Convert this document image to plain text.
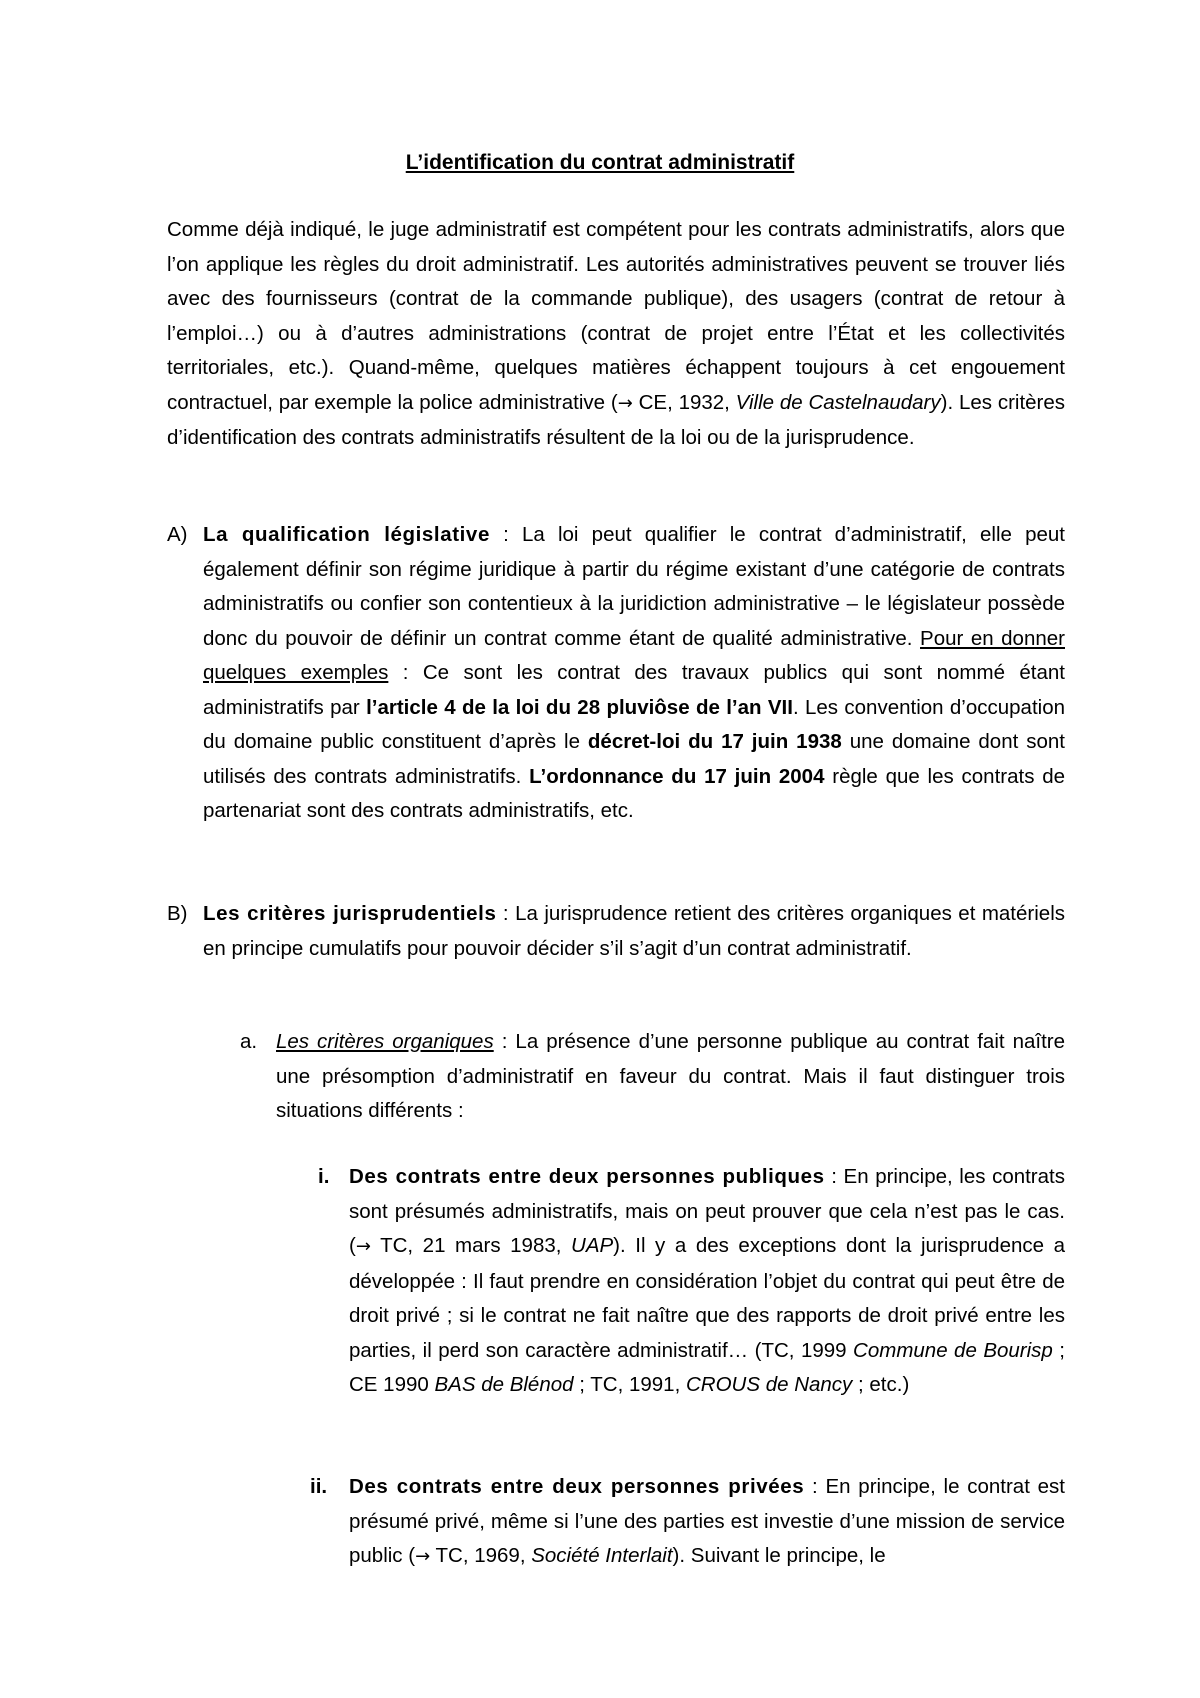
L’identification du contrat administratif

Comme déjà indiqué, le juge administratif est compétent pour les contrats administratifs, alors que l’on applique les règles du droit administratif. Les autorités administratives peuvent se trouver liés avec des fournisseurs (contrat de la commande publique), des usagers (contrat de retour à l’emploi…) ou à d’autres administrations (contrat de projet entre l’État et les collectivités territoriales, etc.). Quand-même, quelques matières échappent toujours à cet engouement contractuel, par exemple la police administrative (→ CE, 1932, Ville de Castelnaudary). Les critères d’identification des contrats administratifs résultent de la loi ou de la jurisprudence.

A) La qualification législative : La loi peut qualifier le contrat d’administratif, elle peut également définir son régime juridique à partir du régime existant d’une catégorie de contrats administratifs ou confier son contentieux à la juridiction administrative – le législateur possède donc du pouvoir de définir un contrat comme étant de qualité administrative. Pour en donner quelques exemples : Ce sont les contrat des travaux publics qui sont nommé étant administratifs par l’article 4 de la loi du 28 pluviôse de l’an VII. Les convention d’occupation du domaine public constituent d’après le décret-loi du 17 juin 1938 une domaine dont sont utilisés des contrats administratifs. L’ordonnance du 17 juin 2004 règle que les contrats de partenariat sont des contrats administratifs, etc.

B) Les critères jurisprudentiels : La jurisprudence retient des critères organiques et matériels en principe cumulatifs pour pouvoir décider s’il s’agit d’un contrat administratif.

a. Les critères organiques : La présence d’une personne publique au contrat fait naître une présomption d’administratif en faveur du contrat. Mais il faut distinguer trois situations différents :

i. Des contrats entre deux personnes publiques : En principe, les contrats sont présumés administratifs, mais on peut prouver que cela n’est pas le cas. (→ TC, 21 mars 1983, UAP). Il y a des exceptions dont la jurisprudence a développée : Il faut prendre en considération l’objet du contrat qui peut être de droit privé ; si le contrat ne fait naître que des rapports de droit privé entre les parties, il perd son caractère administratif… (TC, 1999 Commune de Bourisp ; CE 1990 BAS de Blénod ; TC, 1991, CROUS de Nancy ; etc.)

ii. Des contrats entre deux personnes privées : En principe, le contrat est présumé privé, même si l’une des parties est investie d’une mission de service public (→ TC, 1969, Société Interlait). Suivant le principe, le
